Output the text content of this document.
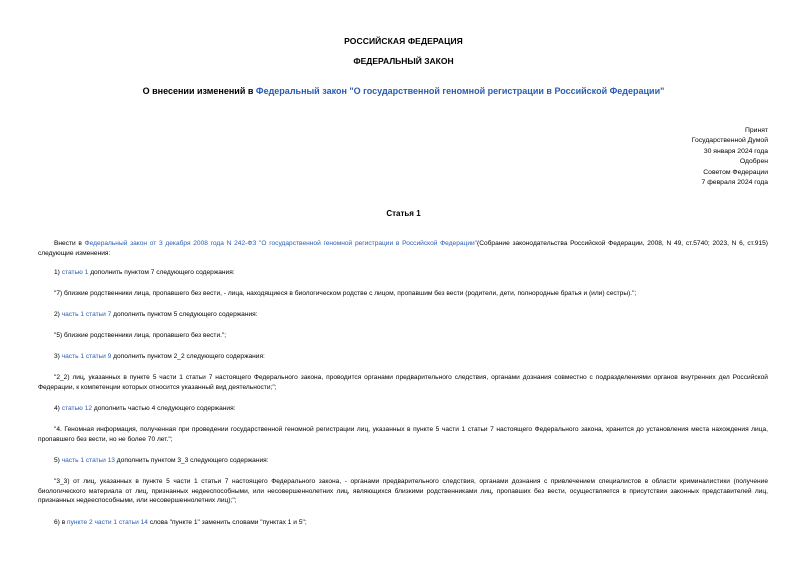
РОССИЙСКАЯ ФЕДЕРАЦИЯ
ФЕДЕРАЛЬНЫЙ ЗАКОН
О внесении изменений в Федеральный закон "О государственной геномной регистрации в Российской Федерации"
Принят
Государственной Думой
30 января 2024 года
Одобрен
Советом Федерации
7 февраля 2024 года
Статья 1
Внести в Федеральный закон от 3 декабря 2008 года N 242-ФЗ "О государственной геномной регистрации в Российской Федерации"(Собрание законодательства Российской Федерации, 2008, N 49, ст.5740; 2023, N 6, ст.915) следующие изменения:
1) статью 1 дополнить пунктом 7 следующего содержания:
"7) близкие родственники лица, пропавшего без вести, - лица, находящиеся в биологическом родстве с лицом, пропавшим без вести (родители, дети, полнородные братья и (или) сестры).";
2) часть 1 статьи 7 дополнить пунктом 5 следующего содержания:
"5) близкие родственники лица, пропавшего без вести.";
3) часть 1 статьи 9 дополнить пунктом 2_2 следующего содержания:
"2_2) лиц, указанных в пункте 5 части 1 статьи 7 настоящего Федерального закона, проводится органами предварительного следствия, органами дознания совместно с подразделениями органов внутренних дел Российской Федерации, к компетенции которых относится указанный вид деятельности;";
4) статью 12 дополнить частью 4 следующего содержания:
"4. Геномная информация, полученная при проведении государственной геномной регистрации лиц, указанных в пункте 5 части 1 статьи 7 настоящего Федерального закона, хранится до установления места нахождения лица, пропавшего без вести, но не более 70 лет.";
5) часть 1 статьи 13 дополнить пунктом 3_3 следующего содержания:
"3_3) от лиц, указанных в пункте 5 части 1 статьи 7 настоящего Федерального закона, - органами предварительного следствия, органами дознания с привлечением специалистов в области криминалистики (получение биологического материала от лиц, признанных недееспособными, или несовершеннолетних лиц, являющихся близкими родственниками лиц, пропавших без вести, осуществляется в присутствии законных представителей лиц, признанных недееспособными, или несовершеннолетних лиц);";
6) в пункте 2 части 1 статьи 14 слова "пункте 1" заменить словами "пунктах 1 и 5";
